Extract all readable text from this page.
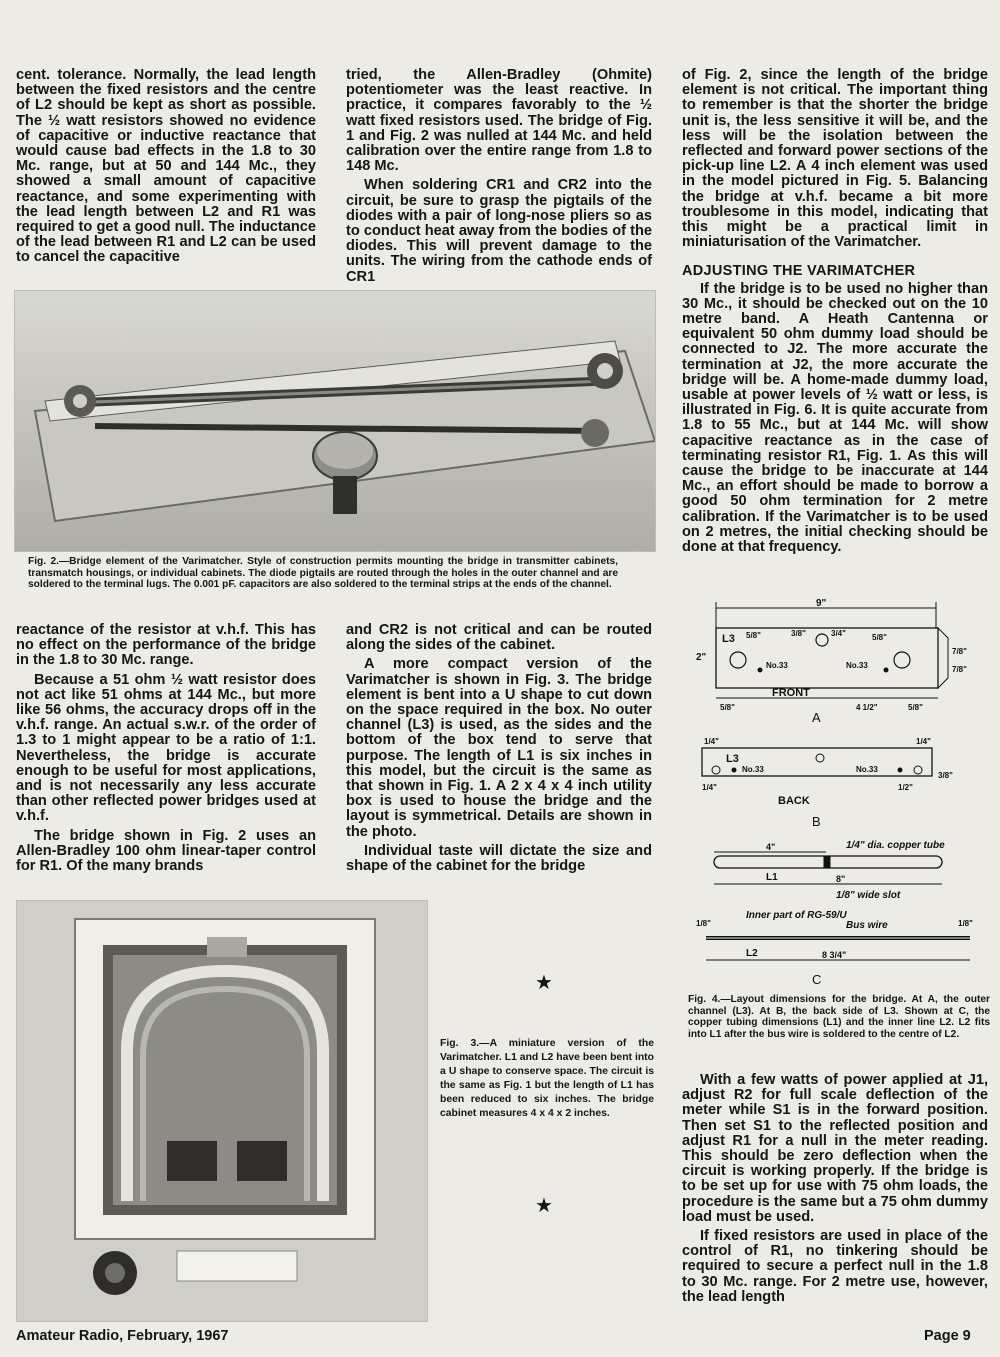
cent. tolerance. Normally, the lead length between the fixed resistors and the centre of L2 should be kept as short as possible. The ½ watt resistors showed no evidence of capacitive or inductive reactance that would cause bad effects in the 1.8 to 30 Mc. range, but at 50 and 144 Mc., they showed a small amount of capacitive reactance, and some experimenting with the lead length between L2 and R1 was required to get a good null. The inductance of the lead between R1 and L2 can be used to cancel the capacitive

tried, the Allen-Bradley (Ohmite) potentiometer was the least reactive. In practice, it compares favorably to the ½ watt fixed resistors used. The bridge of Fig. 1 and Fig. 2 was nulled at 144 Mc. and held calibration over the entire range from 1.8 to 148 Mc.

When soldering CR1 and CR2 into the circuit, be sure to grasp the pigtails of the diodes with a pair of long-nose pliers so as to conduct heat away from the bodies of the diodes. This will prevent damage to the units. The wiring from the cathode ends of CR1

of Fig. 2, since the length of the bridge element is not critical. The important thing to remember is that the shorter the bridge unit is, the less sensitive it will be, and the less will be the isolation between the reflected and forward power sections of the pick-up line L2. A 4 inch element was used in the model pictured in Fig. 5. Balancing the bridge at v.h.f. became a bit more troublesome in this model, indicating that this might be a practical limit in miniaturisation of the Varimatcher.

ADJUSTING THE VARIMATCHER

If the bridge is to be used no higher than 30 Mc., it should be checked out on the 10 metre band. A Heath Cantenna or equivalent 50 ohm dummy load should be connected to J2. The more accurate the termination at J2, the more accurate the bridge will be. A home-made dummy load, usable at power levels of ½ watt or less, is illustrated in Fig. 6. It is quite accurate from 1.8 to 55 Mc., but at 144 Mc. will show capacitive reactance as in the case of terminating resistor R1, Fig. 1. As this will cause the bridge to be inaccurate at 144 Mc., an effort should be made to borrow a good 50 ohm termination for 2 metre calibration. If the Varimatcher is to be used on 2 metres, the initial checking should be done at that frequency.

Fig. 2.—Bridge element of the Varimatcher. Style of construction permits mounting the bridge in transmitter cabinets, transmatch housings, or individual cabinets. The diode pigtails are routed through the holes in the outer channel and are soldered to the terminal lugs. The 0.001 pF. capacitors are also soldered to the terminal strips at the ends of the channel.

reactance of the resistor at v.h.f. This has no effect on the performance of the bridge in the 1.8 to 30 Mc. range.

Because a 51 ohm ½ watt resistor does not act like 51 ohms at 144 Mc., but more like 56 ohms, the accuracy drops off in the v.h.f. range. An actual s.w.r. of the order of 1.3 to 1 might appear to be a ratio of 1:1. Nevertheless, the bridge is accurate enough to be useful for most applications, and is not necessarily any less accurate than other reflected power bridges used at v.h.f.

The bridge shown in Fig. 2 uses an Allen-Bradley 100 ohm linear-taper control for R1. Of the many brands

and CR2 is not critical and can be routed along the sides of the cabinet.

A more compact version of the Varimatcher is shown in Fig. 3. The bridge element is bent into a U shape to cut down on the space required in the box. No outer channel (L3) is used, as the sides and the bottom of the box tend to serve that purpose. The length of L1 is six inches in this model, but the circuit is the same as that shown in Fig. 1. A 2 x 4 x 4 inch utility box is used to house the bridge and the layout is symmetrical. Details are shown in the photo.

Individual taste will dictate the size and shape of the cabinet for the bridge

9"
2"
L3 5/8"	3/8"	3/4"	5/8"
7/8"
7/8"
No.33	No.33
5/8"	4 1/2"	5/8"
FRONT
A
L3
1/4"	1/4"
1/4"
3/8"
1/2"
No.33	No.33
BACK
B
4"	1/4" dia. copper tube
L1	8"
1/8" wide slot
Inner part of RG-59/U
Bus wire
1/8"	1/8"
L2	8 3/4"
C
Fig. 4.—Layout dimensions for the bridge. At A, the outer channel (L3). At B, the back side of L3. Shown at C, the copper tubing dimensions (L1) and the inner line L2. L2 fits into L1 after the bus wire is soldered to the centre of L2.
★
Fig. 3.—A miniature version of the Varimatcher. L1 and L2 have been bent into a U shape to conserve space. The circuit is the same as Fig. 1 but the length of L1 has been reduced to six inches. The bridge cabinet measures 4 x 4 x 2 inches.
★

With a few watts of power applied at J1, adjust R2 for full scale deflection of the meter while S1 is in the forward position. Then set S1 to the reflected position and adjust R1 for a null in the meter reading. This should be zero deflection when the circuit is working properly. If the bridge is to be set up for use with 75 ohm loads, the procedure is the same but a 75 ohm dummy load must be used.

If fixed resistors are used in place of the control of R1, no tinkering should be required to secure a perfect null in the 1.8 to 30 Mc. range. For 2 metre use, however, the lead length

Amateur Radio, February, 1967	Page 9
